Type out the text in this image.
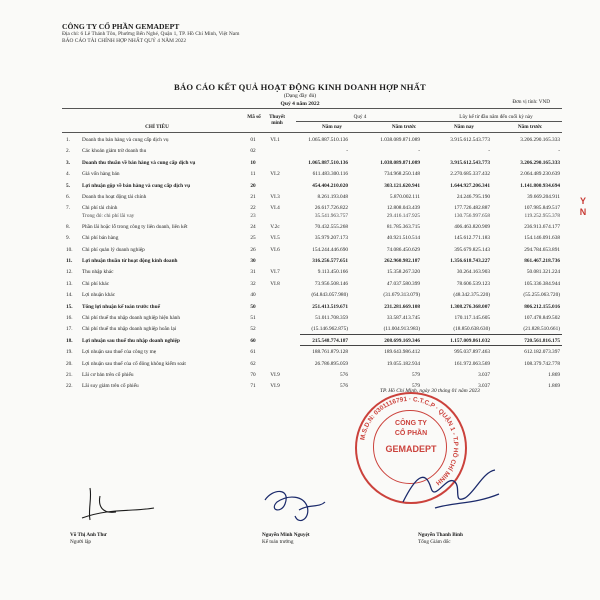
CÔNG TY CỔ PHẦN GEMADEPT
Địa chỉ: 6 Lê Thánh Tôn, Phường Bến Nghé, Quận 1, TP. Hồ Chí Minh, Việt Nam
BÁO CÁO TÀI CHÍNH HỢP NHẤT QUÝ 4 NĂM 2022
BÁO CÁO KẾT QUẢ HOẠT ĐỘNG KINH DOANH HỢP NHẤT
(Dạng đầy đủ)
Quý 4 năm 2022	Đơn vị tính: VND
CHỈ TIÊU
Mã số	Thuyết minh
Quý 4	Lũy kế từ đầu năm đến cuối kỳ này
Năm nay	Năm trước	Năm nay	Năm trước
1. Doanh thu bán hàng và cung cấp dịch vụ	01	VI.1	1.065.887.510.136	1.038.089.871.089	3.915.612.543.773	3.206.290.165.333
2. Các khoản giảm trừ doanh thu	02	-	-	-	-
3. Doanh thu thuần về bán hàng và cung cấp dịch vụ	10	1.065.887.510.136	1.038.089.871.089	3.915.612.543.773	3.206.290.165.333
4. Giá vốn hàng bán	11	VI.2	611.483.300.116	734.968.250.148	2.270.685.337.432	2.064.489.230.639
5. Lợi nhuận gộp về bán hàng và cung cấp dịch vụ	20	454.404.210.020	303.121.620.941	1.644.927.206.341	1.141.800.934.694
6. Doanh thu hoạt động tài chính	21	VI.3	8.261.193.048	5.870.002.111	24.246.795.190	39.669.204.911
7. Chi phí tài chính	22	VI.4	26.617.726.822	12.808.043.439	177.726.482.887	107.985.849.517
Trong đó: chi phí lãi vay	23	35.541.963.757	29.416.147.925	130.756.997.658	119.252.955.378
8. Phần lãi hoặc lỗ trong công ty liên doanh, liên kết	24	V.2c	70.432.555.268	81.785.363.715	406.463.820.909	236.913.674.177
9. Chi phí bán hàng	25	VI.5	35.979.207.173	40.921.510.514	145.612.771.183	154.146.091.638
10. Chi phí quản lý doanh nghiệp	26	VI.6	154.244.446.690	74.086.450.629	395.679.825.143	294.784.653.891
11. Lợi nhuận thuần từ hoạt động kinh doanh	30	316.256.577.651	262.960.982.187	1.356.618.743.227	861.467.218.736
12. Thu nhập khác	31	VI.7	9.113.450.166	15.358.267.320	30.264.163.903	50.081.321.224
13. Chi phí khác	32	VI.8	73.956.508.146	47.037.580.399	78.606.539.123	105.336.384.944
14. Lợi nhuận khác	40	(64.843.057.980)	(31.679.313.079)	(48.342.375.220)	(55.255.063.720)
15. Tổng lợi nhuận kế toán trước thuế	50	251.413.519.671	231.281.669.108	1.308.276.368.007	806.212.155.016
16. Chi phí thuế thu nhập doanh nghiệp hiện hành	51	51.011.708.359	33.587.413.745	170.117.145.605	107.478.849.502
17. Chi phí thuế thu nhập doanh nghiệp hoãn lại	52	(15.146.962.875)	(11.004.913.983)	(18.850.638.630)	(21.828.510.661)
18. Lợi nhuận sau thuế thu nhập doanh nghiệp	60	215.548.774.187	208.699.169.346	1.157.009.861.032	720.561.816.175
19. Lợi nhuận sau thuế của công ty mẹ	61	188.761.879.128	189.643.986.412	995.037.897.463	612.182.073.397
20. Lợi nhuận sau thuế của cổ đông không kiểm soát	62	26.786.895.059	19.055.182.934	161.972.063.569	108.379.742.778
21. Lãi cơ bản trên cổ phiếu	70	VI.9	576	579	3.037	1.869
22. Lãi suy giảm trên cổ phiếu	71	VI.9	576	579	3.037	1.869
Y
N
TP. Hồ Chí Minh, ngày 30 tháng 01 năm 2023
M.S.D.N: 0301116791 · C.T.C.P · QUẬN 1 - T.P HỒ CHÍ MINH
CÔNG TY
CỔ PHẦN
GEMADEPT
Võ Thị Anh Thư
Người lập
Nguyễn Minh Nguyệt
Kế toán trưởng
Nguyễn Thanh Bình
Tổng Giám đốc
